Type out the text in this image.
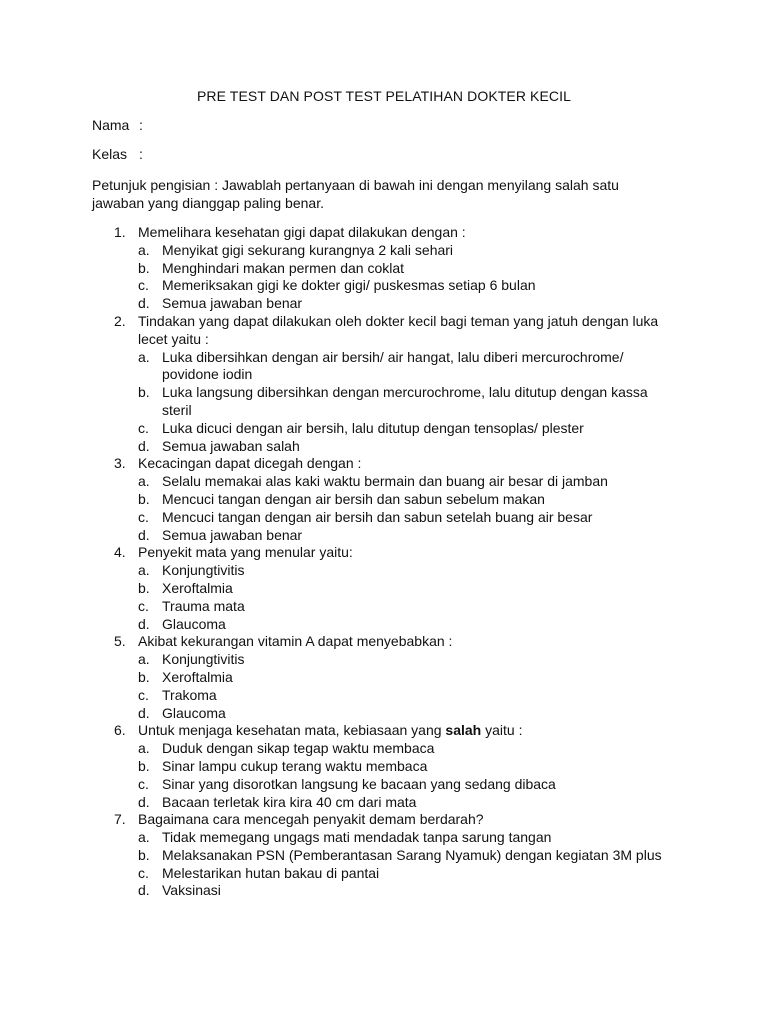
PRE TEST DAN POST TEST PELATIHAN DOKTER KECIL
Nama :
Kelas :
Petunjuk pengisian : Jawablah pertanyaan di bawah ini dengan menyilang salah satu jawaban yang dianggap paling benar.
1. Memelihara kesehatan gigi dapat dilakukan dengan :
a. Menyikat gigi sekurang kurangnya 2 kali sehari
b. Menghindari makan permen dan coklat
c. Memeriksakan gigi ke dokter gigi/ puskesmas setiap 6 bulan
d. Semua jawaban benar
2. Tindakan yang dapat dilakukan oleh dokter kecil bagi teman yang jatuh dengan luka lecet yaitu :
a. Luka dibersihkan dengan air bersih/ air hangat, lalu diberi mercurochrome/ povidone iodin
b. Luka langsung dibersihkan dengan mercurochrome, lalu ditutup dengan kassa steril
c. Luka dicuci dengan air bersih, lalu ditutup dengan tensoplas/ plester
d. Semua jawaban salah
3. Kecacingan dapat dicegah dengan :
a. Selalu memakai alas kaki waktu bermain dan buang air besar di jamban
b. Mencuci tangan dengan air bersih dan sabun sebelum makan
c. Mencuci tangan dengan air bersih dan sabun setelah buang air besar
d. Semua jawaban benar
4. Penyekit mata yang menular yaitu:
a. Konjungtivitis
b. Xeroftalmia
c. Trauma mata
d. Glaucoma
5. Akibat kekurangan vitamin A dapat menyebabkan :
a. Konjungtivitis
b. Xeroftalmia
c. Trakoma
d. Glaucoma
6. Untuk menjaga kesehatan mata, kebiasaan yang salah yaitu :
a. Duduk dengan sikap tegap waktu membaca
b. Sinar lampu cukup terang waktu membaca
c. Sinar yang disorotkan langsung ke bacaan yang sedang dibaca
d. Bacaan terletak kira kira 40 cm dari mata
7. Bagaimana cara mencegah penyakit demam berdarah?
a. Tidak memegang ungags mati mendadak tanpa sarung tangan
b. Melaksanakan PSN (Pemberantasan Sarang Nyamuk) dengan kegiatan 3M plus
c. Melestarikan hutan bakau di pantai
d. Vaksinasi
